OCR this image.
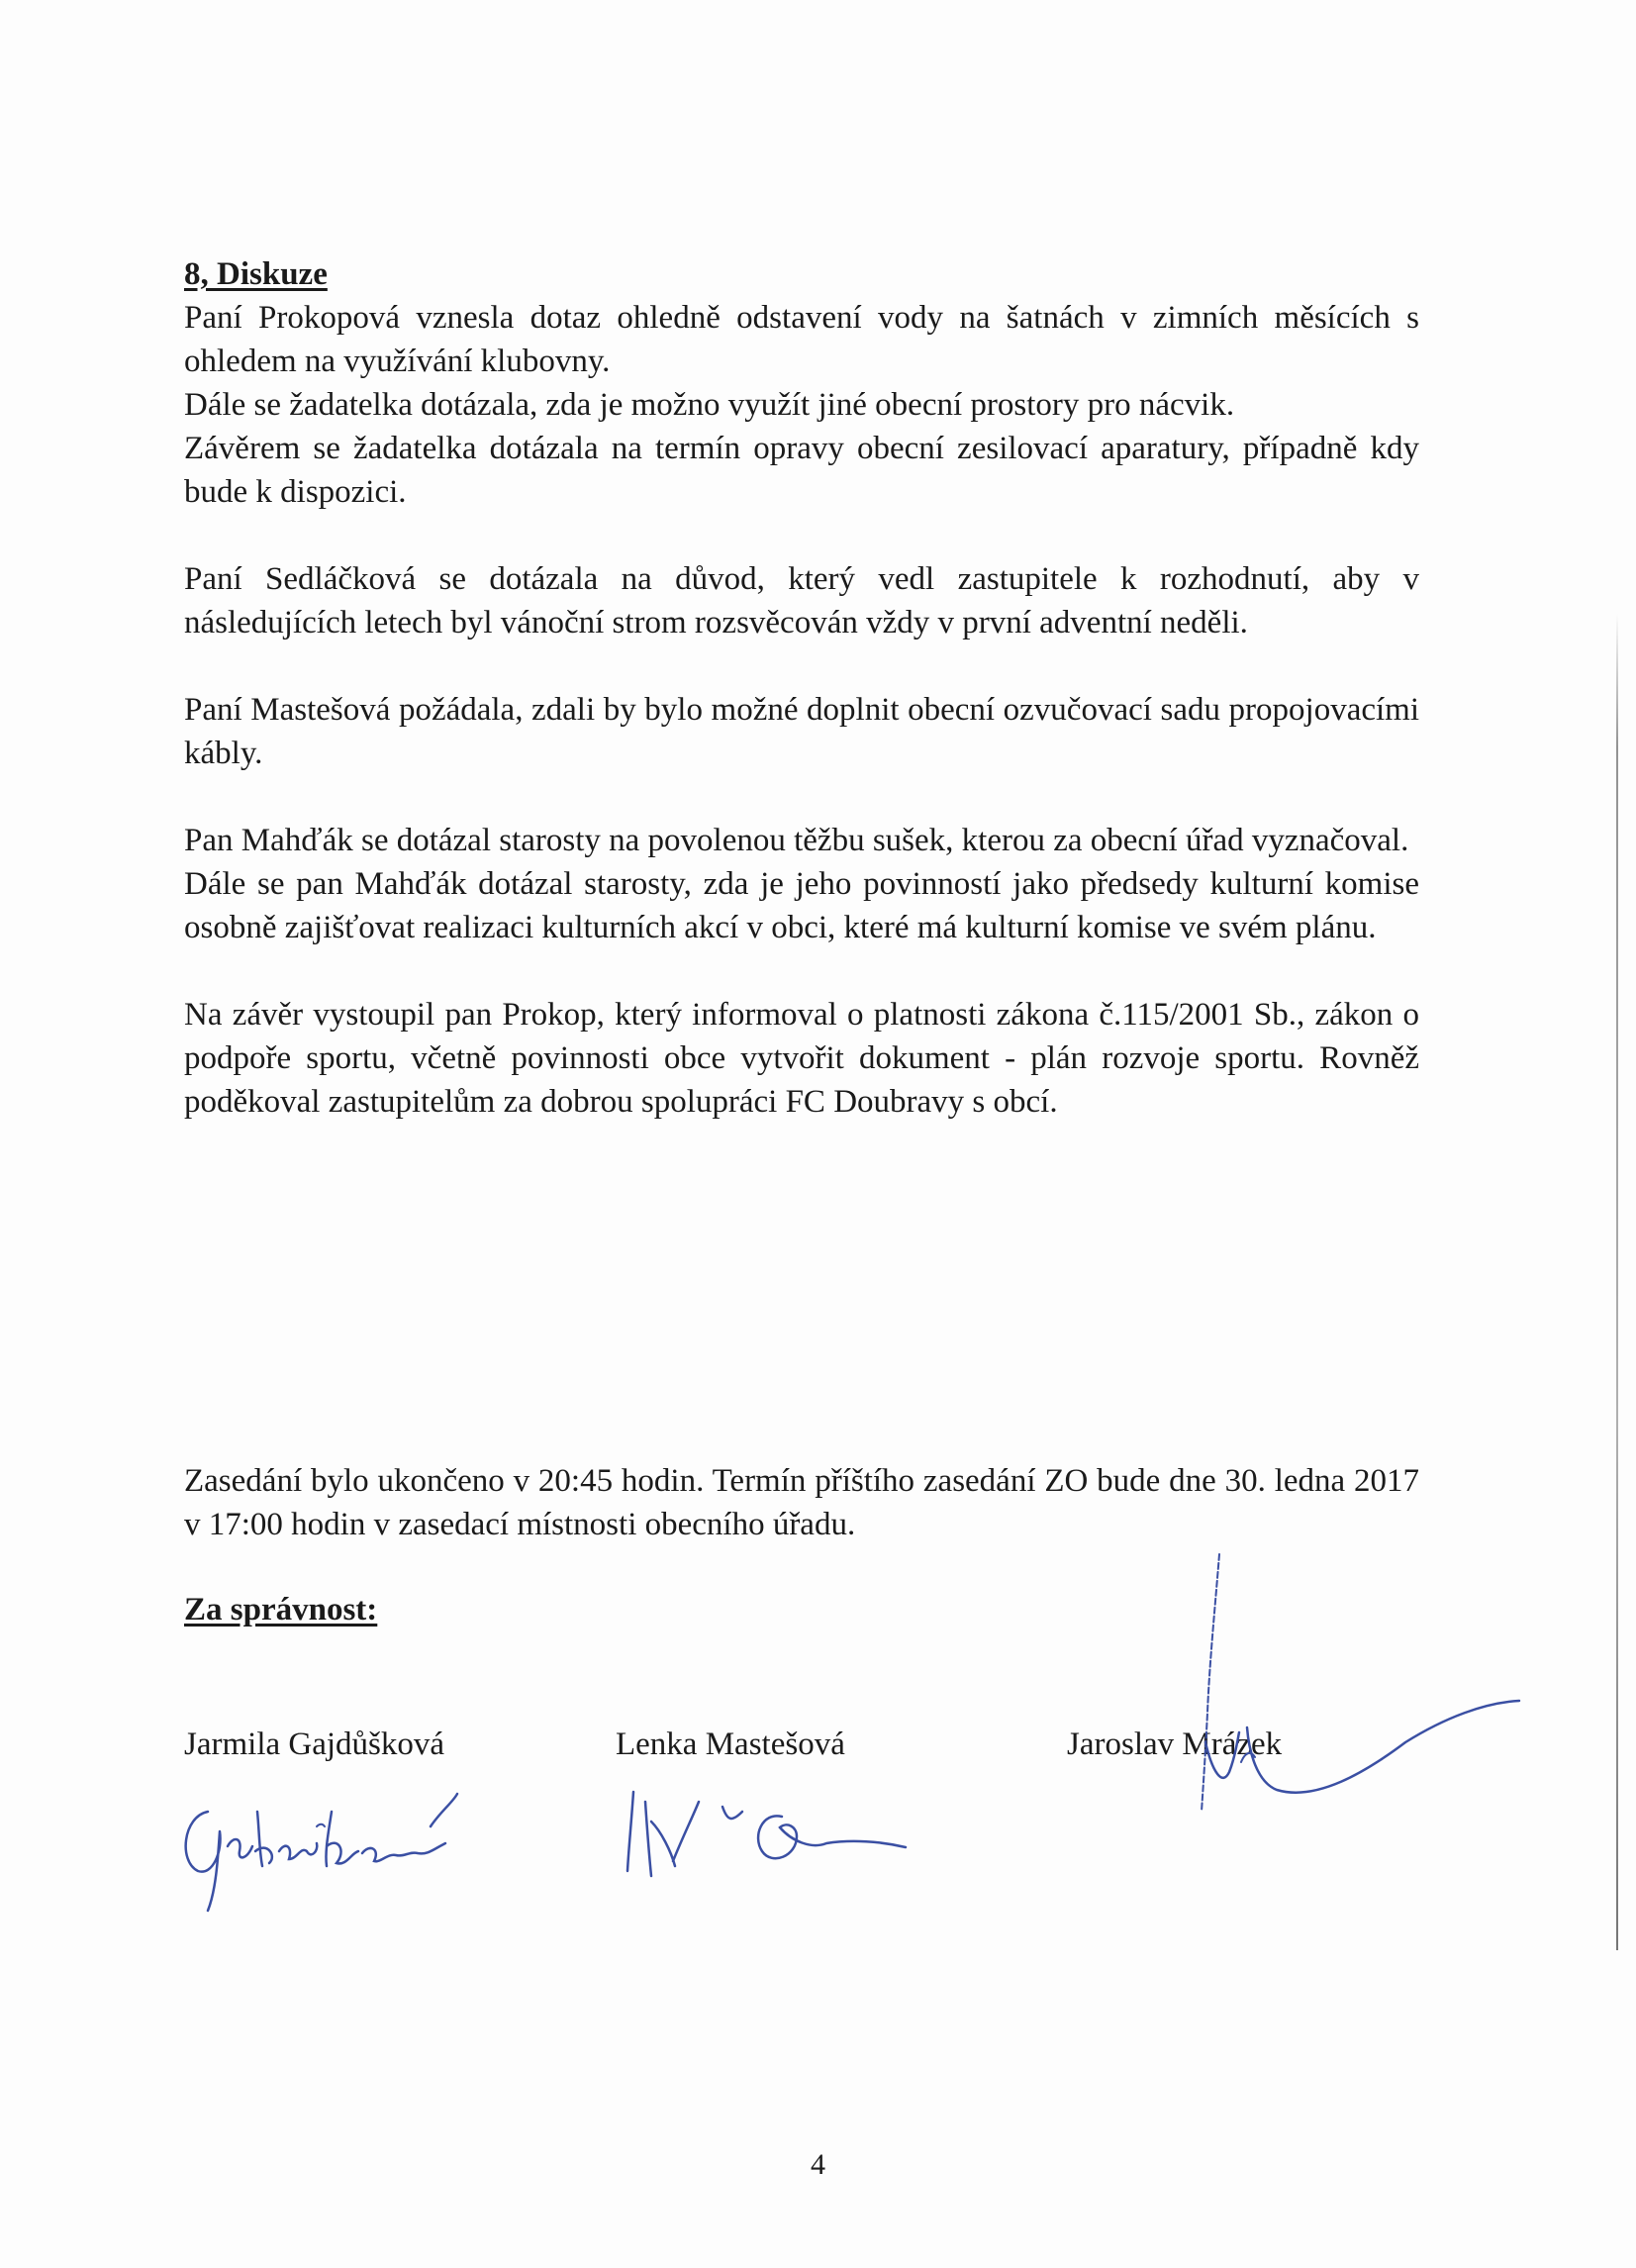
8, Diskuze

Paní Prokopová vznesla dotaz ohledně odstavení vody na šatnách v zimních měsících s ohledem na využívání klubovny.

Dále se žadatelka dotázala, zda je možno využít jiné obecní prostory pro nácvik.

Závěrem se žadatelka dotázala na termín opravy obecní zesilovací aparatury, případně kdy bude k dispozici.

Paní Sedláčková se dotázala na důvod, který vedl zastupitele k rozhodnutí, aby v následujících letech byl vánoční strom rozsvěcován vždy v první adventní neděli.

Paní Mastešová požádala, zdali by bylo možné doplnit obecní ozvučovací sadu propojovacími kábly.

Pan Mahďák se dotázal starosty na povolenou těžbu sušek, kterou za obecní úřad vyznačoval.

Dále se pan Mahďák dotázal starosty, zda je jeho povinností jako předsedy kulturní komise osobně zajišťovat realizaci kulturních akcí v obci, které má kulturní komise ve svém plánu.

Na závěr vystoupil pan Prokop, který informoval o platnosti zákona č.115/2001 Sb., zákon o podpoře sportu, včetně povinnosti obce vytvořit dokument - plán rozvoje sportu. Rovněž poděkoval zastupitelům za dobrou spolupráci FC Doubravy s obcí.

Zasedání bylo ukončeno v 20:45 hodin. Termín příštího zasedání ZO bude dne 30. ledna 2017 v 17:00 hodin v zasedací místnosti obecního úřadu.

Za správnost:
Jarmila Gajdůšková	Lenka Mastešová	Jaroslav Mrázek
4
